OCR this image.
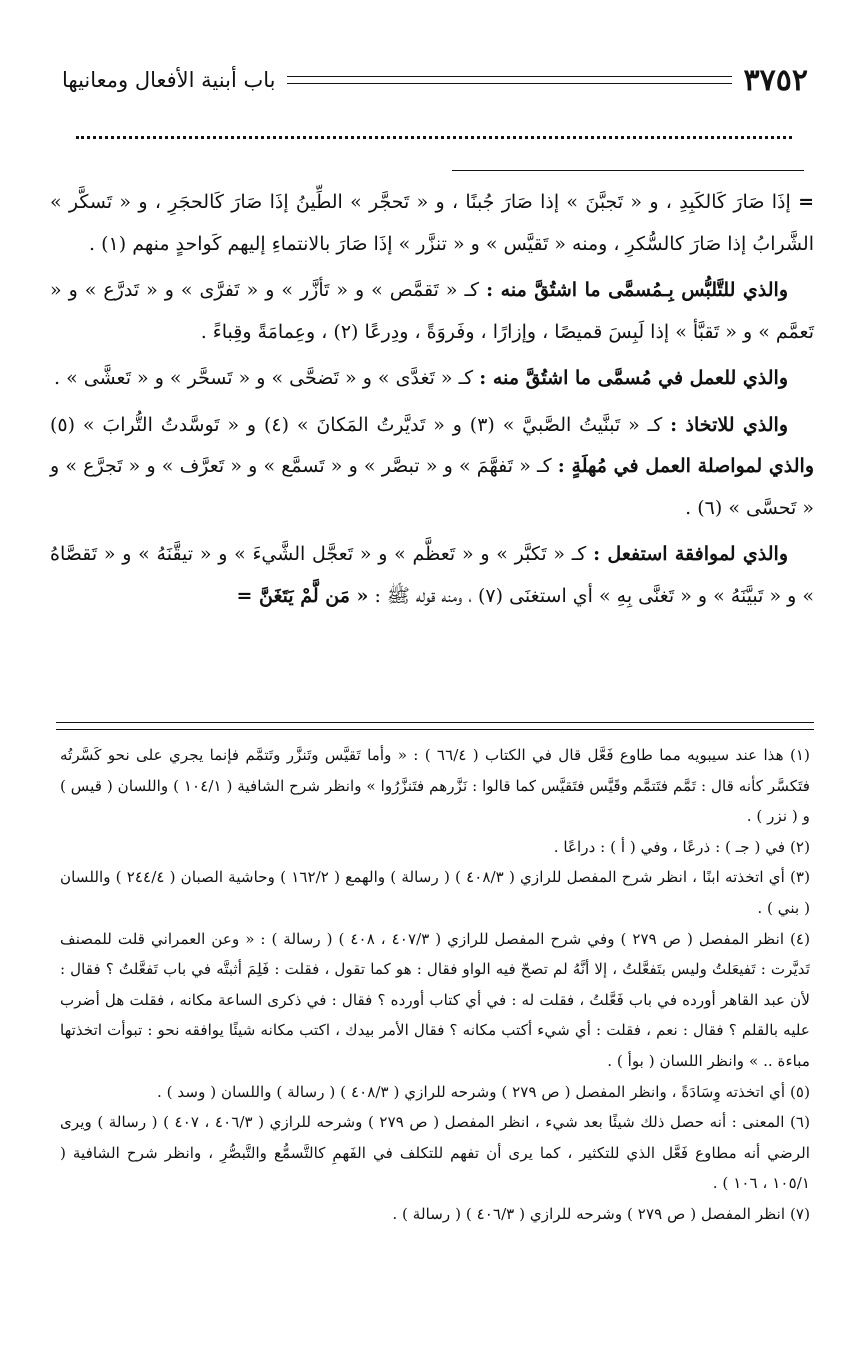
٣٧٥٢
باب أبنية الأفعال ومعانيها

= إذَا صَارَ كَالكَبِدِ ، و « تَجبَّنَ » إذا صَارَ جُبنًا ، و « تَحجَّر » الطِّينُ إذَا صَارَ كَالحجَرِ ، و « تَسكَّر » الشَّرابُ إذا صَارَ كالسُّكرِ ، ومنه « تَقيَّس » و « تنزَّر » إذَا صَارَ بالانتماءِ إليهم كَواحدٍ منهم (١) .

والذي للتَّلبُّس بِـمُسمَّى ما اشتُقَّ منه : كـ « تَقمَّص » و « تَأزَّر » و « تَفرَّى » و « تَدرَّع » و « تَعمَّم » و « تَقبَّأ » إذا لَبِسَ قميصًا ، وإزارًا ، وفَروَةً ، ودِرعًا (٢) ، وعِمامَةً وقِباءً .

والذي للعمل في مُسمَّى ما اشتُقَّ منه : كـ « تَغدَّى » و « تَضحَّى » و « تَسحَّر » و « تَعشَّى » .

والذي للاتخاذ : كـ « تَبنَّيتُ الصَّبيَّ » (٣) و « تَديَّرتُ المَكانَ » (٤) و « تَوسَّدتُ التُّرابَ » (٥) والذي لمواصلة العمل في مُهلَةٍ : كـ « تَفهَّمَ » و « تبصَّر » و « تَسمَّع » و « تَعرَّف » و « تَجرَّع » و « تَحسَّى » (٦) .

والذي لموافقة استفعل : كـ « تَكبَّر » و « تَعظَّم » و « تَعجَّل الشَّيءَ » و « تيقَّنَهُ » و « تَقصَّاهُ » و « تَبيَّنَهُ » و « تَغنَّى بِهِ » أي استغنَى (٧) ، ومنه قوله ﷺ : « مَن لَّمْ يَتَغَنَّ =

(١) هذا عند سيبويه مما طاوع فَعَّل قال في الكتاب ( ٦٦/٤ ) : « وأما تَقيَّس وتَنزَّر وتَتمَّم فإنما يجري على نحو كَسَّرتُه فتَكسَّر كأنه قال : تَمَّم فتَتمَّم وقَيَّس فتَقيَّس كما قالوا : نَزَّرهم فتَنزَّرُوا » وانظر شرح الشافية ( ١٠٤/١ ) واللسان ( قيس ) و ( نزر ) .

(٢) في ( جـ ) : ذرعًا ، وفي ( أ ) : دراعًا .

(٣) أي اتخذته ابنًا ، انظر شرح المفصل للرازي ( ٤٠٨/٣ ) ( رسالة ) والهمع ( ١٦٢/٢ ) وحاشية الصبان ( ٢٤٤/٤ ) واللسان ( بني ) .

(٤) انظر المفصل ( ص ٢٧٩ ) وفي شرح المفصل للرازي ( ٤٠٧/٣ ، ٤٠٨ ) ( رسالة ) : « وعن العمراني قلت للمصنف تَديَّرت : تَفيعَلتُ وليس بتَفعَّلتُ ، إلا أنَّهُ لم تصحّ فيه الواو فقال : هو كما تقول ، فقلت : فَلِمَ أثبتَّه في باب تَفعَّلتُ ؟ فقال : لأن عبد القاهر أورده في باب فَعَّلتُ ، فقلت له : في أي كتاب أورده ؟ فقال : في ذكرى الساعة مكانه ، فقلت هل أضرب عليه بالقلم ؟ فقال : نعم ، فقلت : أي شيء أكتب مكانه ؟ فقال الأمر بيدك ، اكتب مكانه شيئًا يوافقه نحو : تبوأت اتخذتها مباءة .. » وانظر اللسان ( بوأ ) .

(٥) أي اتخذته وِسَادَةً ، وانظر المفصل ( ص ٢٧٩ ) وشرحه للرازي ( ٤٠٨/٣ ) ( رسالة ) واللسان ( وسد ) .

(٦) المعنى : أنه حصل ذلك شيئًا بعد شيء ، انظر المفصل ( ص ٢٧٩ ) وشرحه للرازي ( ٤٠٦/٣ ، ٤٠٧ ) ( رسالة ) ويرى الرضي أنه مطاوع فَعَّل الذي للتكثير ، كما يرى أن تفهم للتكلف في الفَهمِ كالتَّسمُّع والتَّبصُّرِ ، وانظر شرح الشافية ( ١٠٥/١ ، ١٠٦ ) .

(٧) انظر المفصل ( ص ٢٧٩ ) وشرحه للرازي ( ٤٠٦/٣ ) ( رسالة ) .
